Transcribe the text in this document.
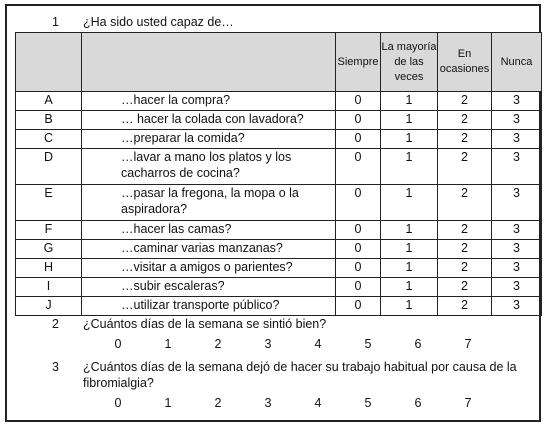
1 ¿Ha sido usted capaz de…
		Siempre	La mayoría de las veces	En ocasiones	Nunca
A	…hacer la compra?	0	1	2	3
B	… hacer la colada con lavadora?	0	1	2	3
C	…preparar la comida?	0	1	2	3
D	…lavar a mano los platos y los cacharros de cocina?	0	1	2	3
E	…pasar la fregona, la mopa o la aspiradora?	0	1	2	3
F	…hacer las camas?	0	1	2	3
G	…caminar varias manzanas?	0	1	2	3
H	…visitar a amigos o parientes?	0	1	2	3
I	…subir escaleras?	0	1	2	3
J	…utilizar transporte público?	0	1	2	3
2 ¿Cuántos días de la semana se sintió bien?
0	1	2	3	4	5	6	7
3 ¿Cuántos días de la semana dejó de hacer su trabajo habitual por causa de la
fibromialgia?
0	1	2	3	4	5	6	7
